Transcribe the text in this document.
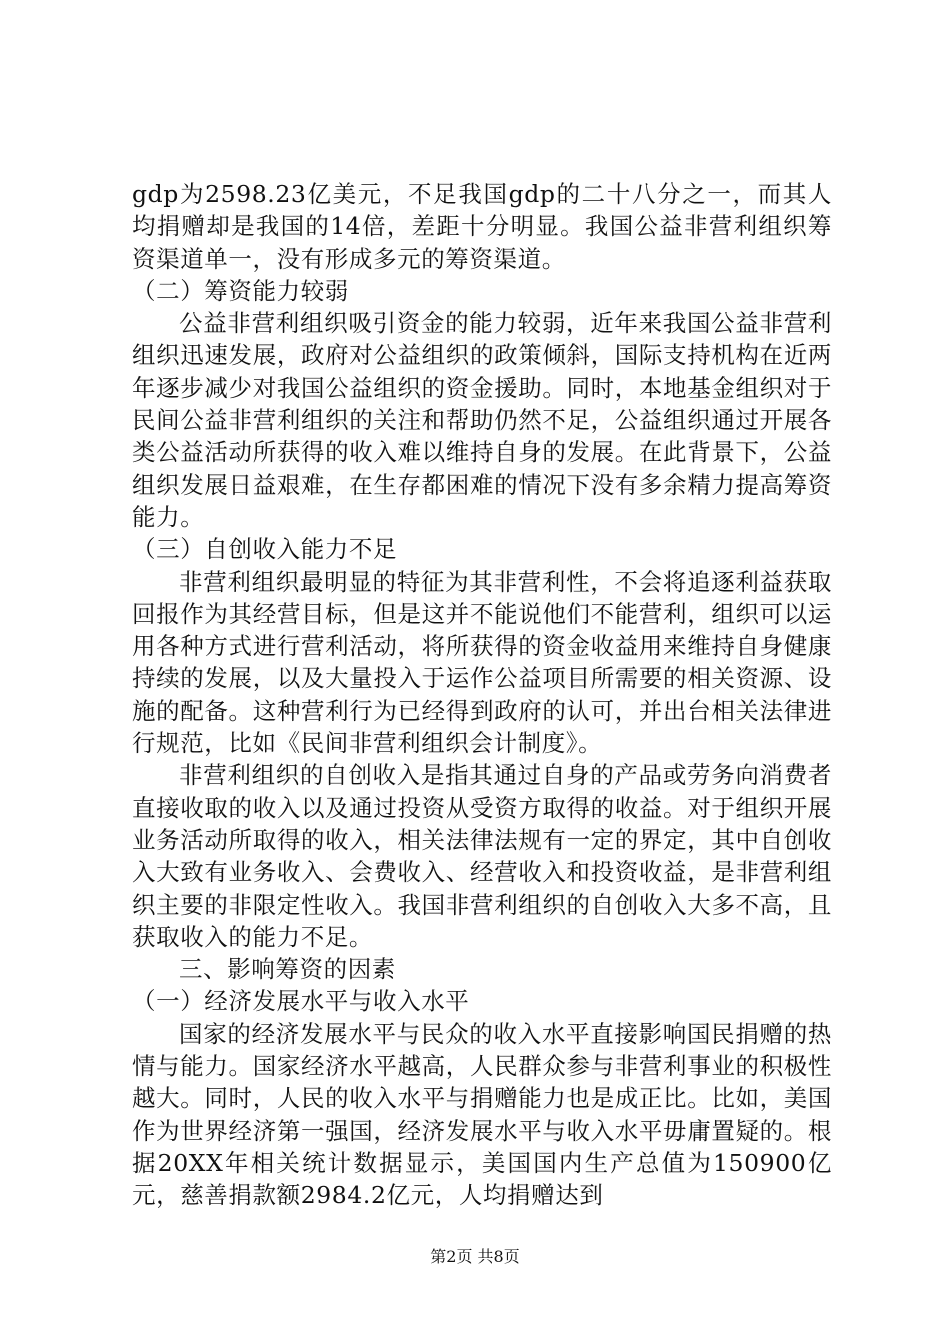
gdp为2598.23亿美元，不足我国gdp的二十八分之一，而其人均捐赠却是我国的14倍，差距十分明显。我国公益非营利组织筹资渠道单一，没有形成多元的筹资渠道。

（二）筹资能力较弱

公益非营利组织吸引资金的能力较弱，近年来我国公益非营利组织迅速发展，政府对公益组织的政策倾斜，国际支持机构在近两年逐步减少对我国公益组织的资金援助。同时，本地基金组织对于民间公益非营利组织的关注和帮助仍然不足，公益组织通过开展各类公益活动所获得的收入难以维持自身的发展。在此背景下，公益组织发展日益艰难，在生存都困难的情况下没有多余精力提高筹资能力。

（三）自创收入能力不足

非营利组织最明显的特征为其非营利性，不会将追逐利益获取回报作为其经营目标，但是这并不能说他们不能营利，组织可以运用各种方式进行营利活动，将所获得的资金收益用来维持自身健康持续的发展，以及大量投入于运作公益项目所需要的相关资源、设施的配备。这种营利行为已经得到政府的认可，并出台相关法律进行规范，比如《民间非营利组织会计制度》。

非营利组织的自创收入是指其通过自身的产品或劳务向消费者直接收取的收入以及通过投资从受资方取得的收益。对于组织开展业务活动所取得的收入，相关法律法规有一定的界定，其中自创收入大致有业务收入、会费收入、经营收入和投资收益，是非营利组织主要的非限定性收入。我国非营利组织的自创收入大多不高，且获取收入的能力不足。

三、影响筹资的因素

（一）经济发展水平与收入水平

国家的经济发展水平与民众的收入水平直接影响国民捐赠的热情与能力。国家经济水平越高，人民群众参与非营利事业的积极性越大。同时，人民的收入水平与捐赠能力也是成正比。比如，美国作为世界经济第一强国，经济发展水平与收入水平毋庸置疑的。根据20XX年相关统计数据显示，美国国内生产总值为150900亿元，慈善捐款额2984.2亿元，人均捐赠达到

第2页 共8页
